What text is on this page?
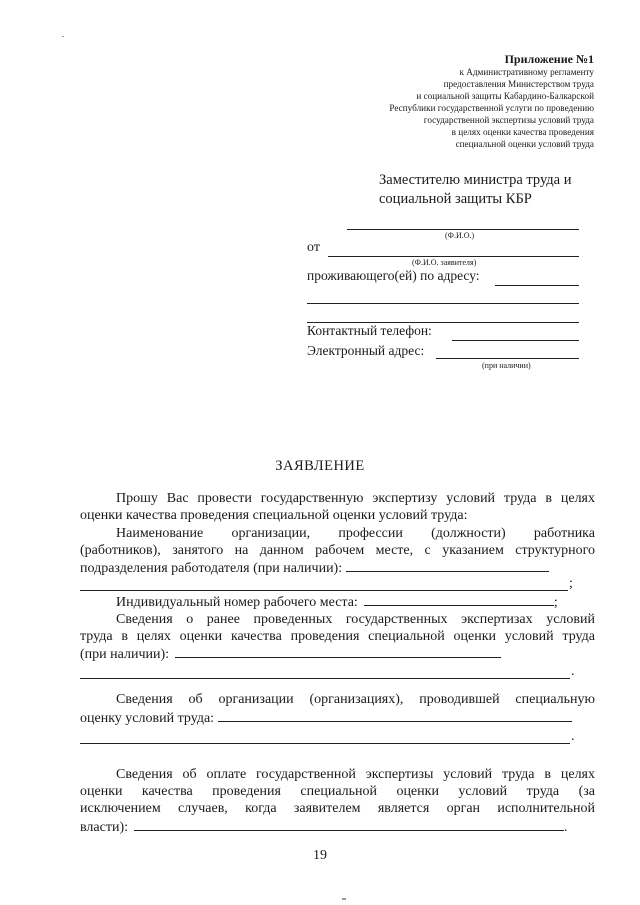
Приложение №1
к Административному регламенту
предоставления Министерством труда
и социальной защиты Кабардино-Балкарской
Республики государственной услуги по проведению
государственной экспертизы условий труда
в целях оценки качества проведения
специальной оценки условий труда
Заместителю министра труда и
социальной защиты КБР
(Ф.И.О.)
от
(Ф.И.О. заявителя)
проживающего(ей) по адресу:
Контактный телефон:
Электронный адрес:
(при наличии)
ЗАЯВЛЕНИЕ
Прошу Вас провести государственную экспертизу условий труда в целях
оценки качества проведения специальной оценки условий труда:
Наименование организации, профессии (должности) работника
(работников), занятого на данном рабочем месте, с указанием структурного
подразделения работодателя (при наличии):
;
Индивидуальный номер рабочего места:	;
Сведения о ранее проведенных государственных экспертизах условий
труда в целях оценки качества проведения специальной оценки условий труда
(при наличии):
.
Сведения об организации (организациях), проводившей специальную
оценку условий труда:
.
Сведения об оплате государственной экспертизы условий труда в целях
оценки качества проведения специальной оценки условий труда (за
исключением случаев, когда заявителем является орган исполнительной
власти):	.
19
